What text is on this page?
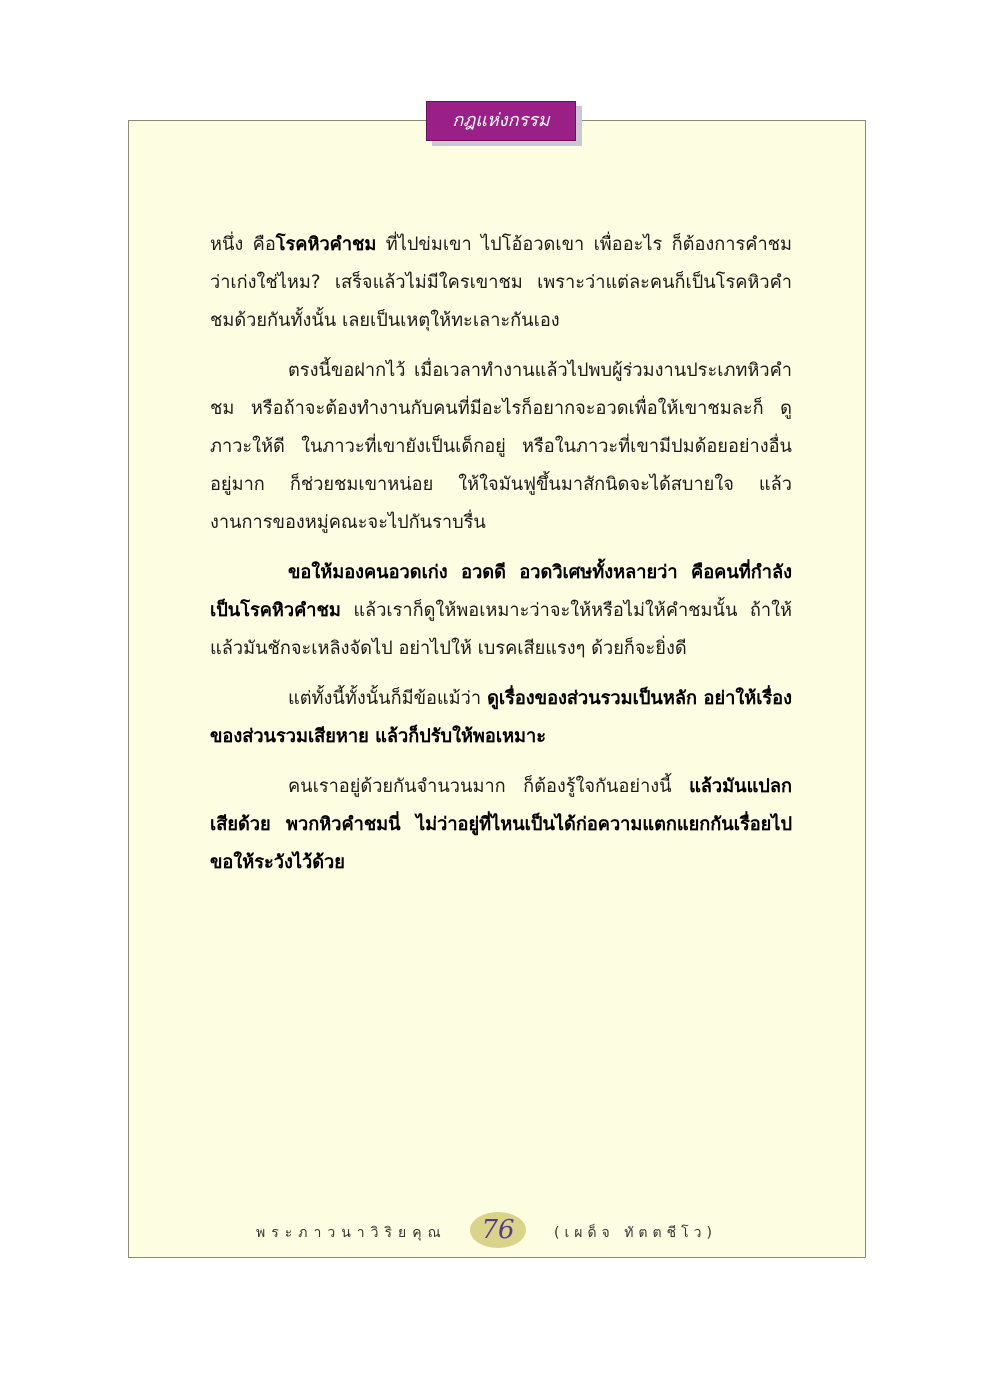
กฎแห่งกรรม

หนึ่ง คือโรคหิวคำชม ที่ไปข่มเขา ไปโอ้อวดเขา เพื่ออะไร ก็ต้องการคำชมว่าเก่งใช่ไหม? เสร็จแล้วไม่มีใครเขาชม เพราะว่าแต่ละคนก็เป็นโรคหิวคำชมด้วยกันทั้งนั้น เลยเป็นเหตุให้ทะเลาะกันเอง

ตรงนี้ขอฝากไว้ เมื่อเวลาทำงานแล้วไปพบผู้ร่วมงานประเภทหิวคำชม หรือถ้าจะต้องทำงานกับคนที่มีอะไรก็อยากจะอวดเพื่อให้เขาชมละก็ ดูภาวะให้ดี ในภาวะที่เขายังเป็นเด็กอยู่ หรือในภาวะที่เขามีปมด้อยอย่างอื่นอยู่มาก ก็ช่วยชมเขาหน่อย ให้ใจมันฟูขึ้นมาสักนิดจะได้สบายใจ แล้วงานการของหมู่คณะจะไปกันราบรื่น

ขอให้มองคนอวดเก่ง อวดดี อวดวิเศษทั้งหลายว่า คือคนที่กำลังเป็นโรคหิวคำชม แล้วเราก็ดูให้พอเหมาะว่าจะให้หรือไม่ให้คำชมนั้น ถ้าให้แล้วมันชักจะเหลิงจัดไป อย่าไปให้ เบรคเสียแรงๆ ด้วยก็จะยิ่งดี

แต่ทั้งนี้ทั้งนั้นก็มีข้อแม้ว่า ดูเรื่องของส่วนรวมเป็นหลัก อย่าให้เรื่องของส่วนรวมเสียหาย แล้วก็ปรับให้พอเหมาะ

คนเราอยู่ด้วยกันจำนวนมาก ก็ต้องรู้ใจกันอย่างนี้ แล้วมันแปลกเสียด้วย พวกหิวคำชมนี่ ไม่ว่าอยู่ที่ไหนเป็นได้ก่อความแตกแยกกันเรื่อยไป ขอให้ระวังไว้ด้วย

พระภาวนาวิริยคุณ	76	(เผด็จ ทัตตชีโว)
